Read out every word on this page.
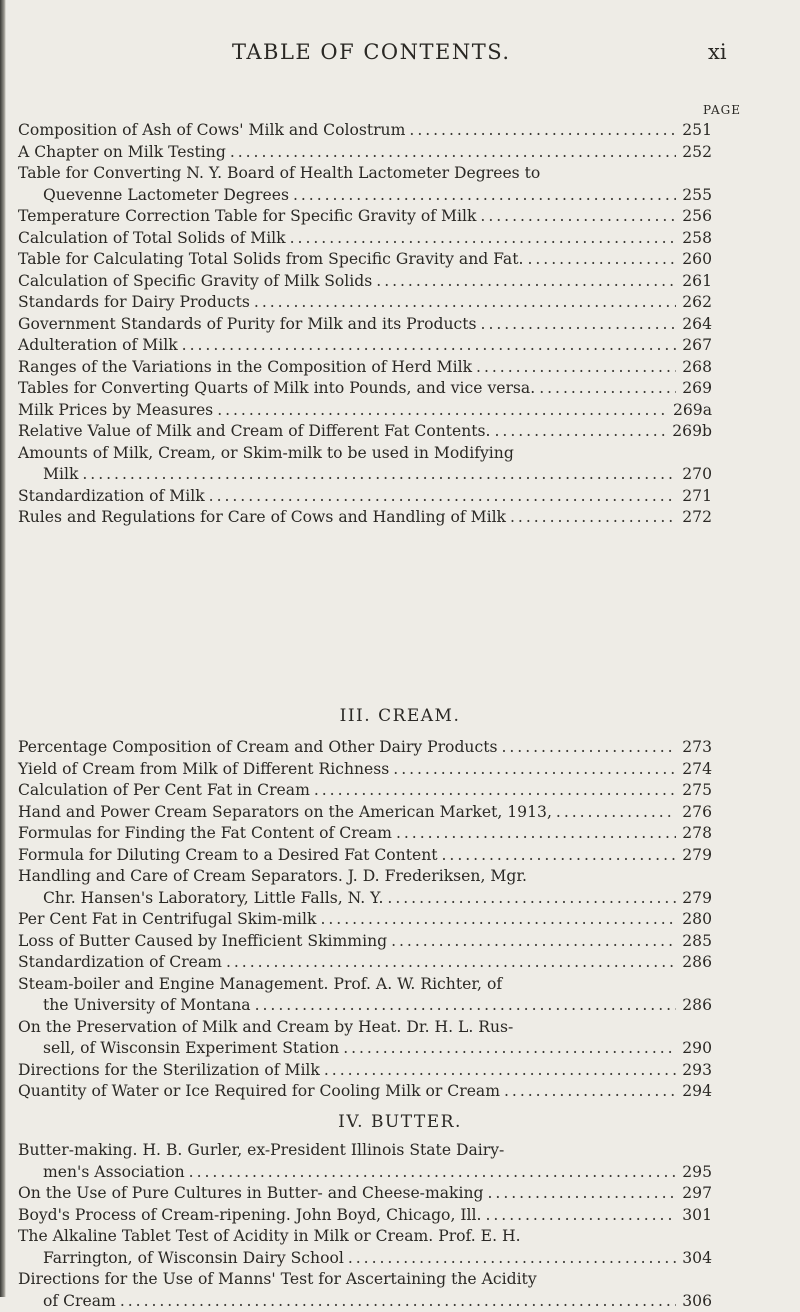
TABLE OF CONTENTS.	xi
PAGE
Composition of Ash of Cows' Milk and Colostrum . . .	251
A Chapter on Milk Testing . . .	252
Table for Converting N. Y. Board of Health Lactometer Degrees to
Quevenne Lactometer Degrees . . .	255
Temperature Correction Table for Specific Gravity of Milk . . .	256
Calculation of Total Solids of Milk . . .	258
Table for Calculating Total Solids from Specific Gravity and Fat. . . .	260
Calculation of Specific Gravity of Milk Solids . . .	261
Standards for Dairy Products . . .	262
Government Standards of Purity for Milk and its Products . . .	264
Adulteration of Milk . . .	267
Ranges of the Variations in the Composition of Herd Milk . . .	268
Tables for Converting Quarts of Milk into Pounds, and vice versa. . . .	269
Milk Prices by Measures . . .	269a
Relative Value of Milk and Cream of Different Fat Contents. . . .	269b
Amounts of Milk, Cream, or Skim-milk to be used in Modifying
Milk . . .	270
Standardization of Milk . . .	271
Rules and Regulations for Care of Cows and Handling of Milk . . .	272
III. CREAM.
Percentage Composition of Cream and Other Dairy Products . . .	273
Yield of Cream from Milk of Different Richness . . .	274
Calculation of Per Cent Fat in Cream . . .	275
Hand and Power Cream Separators on the American Market, 1913, . . .	276
Formulas for Finding the Fat Content of Cream . . .	278
Formula for Diluting Cream to a Desired Fat Content . . .	279
Handling and Care of Cream Separators. J. D. Frederiksen, Mgr.
Chr. Hansen's Laboratory, Little Falls, N. Y. . . .	279
Per Cent Fat in Centrifugal Skim-milk . . .	280
Loss of Butter Caused by Inefficient Skimming . . .	285
Standardization of Cream . . .	286
Steam-boiler and Engine Management. Prof. A. W. Richter, of
the University of Montana . . .	286
On the Preservation of Milk and Cream by Heat. Dr. H. L. Rus-
sell, of Wisconsin Experiment Station . . .	290
Directions for the Sterilization of Milk . . .	293
Quantity of Water or Ice Required for Cooling Milk or Cream . . .	294
IV. BUTTER.
Butter-making. H. B. Gurler, ex-President Illinois State Dairy-
men's Association . . .	295
On the Use of Pure Cultures in Butter- and Cheese-making . . .	297
Boyd's Process of Cream-ripening. John Boyd, Chicago, Ill. . . .	301
The Alkaline Tablet Test of Acidity in Milk or Cream. Prof. E. H.
Farrington, of Wisconsin Dairy School . . .	304
Directions for the Use of Manns' Test for Ascertaining the Acidity
of Cream . . .	306
